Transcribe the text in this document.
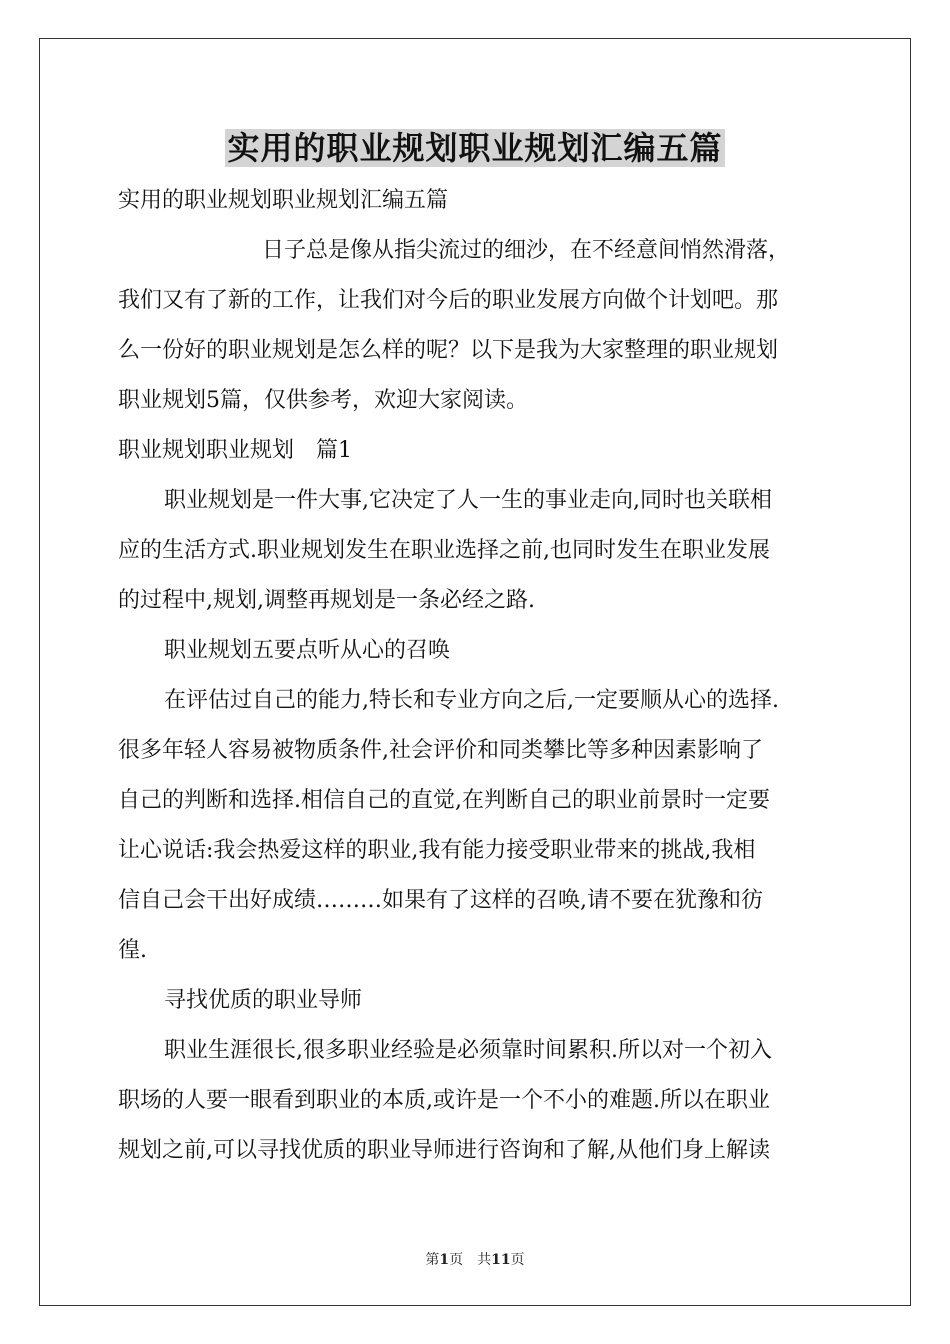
实用的职业规划职业规划汇编五篇
实用的职业规划职业规划汇编五篇
日子总是像从指尖流过的细沙，在不经意间悄然滑落，
我们又有了新的工作，让我们对今后的职业发展方向做个计划吧。那
么一份好的职业规划是怎么样的呢？以下是我为大家整理的职业规划
职业规划5篇，仅供参考，欢迎大家阅读。
职业规划职业规划　篇1
职业规划是一件大事,它决定了人一生的事业走向,同时也关联相
应的生活方式.职业规划发生在职业选择之前,也同时发生在职业发展
的过程中,规划,调整再规划是一条必经之路.
职业规划五要点听从心的召唤
在评估过自己的能力,特长和专业方向之后,一定要顺从心的选择.
很多年轻人容易被物质条件,社会评价和同类攀比等多种因素影响了
自己的判断和选择.相信自己的直觉,在判断自己的职业前景时一定要
让心说话:我会热爱这样的职业,我有能力接受职业带来的挑战,我相
信自己会干出好成绩………如果有了这样的召唤,请不要在犹豫和彷
徨.
寻找优质的职业导师
职业生涯很长,很多职业经验是必须靠时间累积.所以对一个初入
职场的人要一眼看到职业的本质,或许是一个不小的难题.所以在职业
规划之前,可以寻找优质的职业导师进行咨询和了解,从他们身上解读
第1页　共11页
